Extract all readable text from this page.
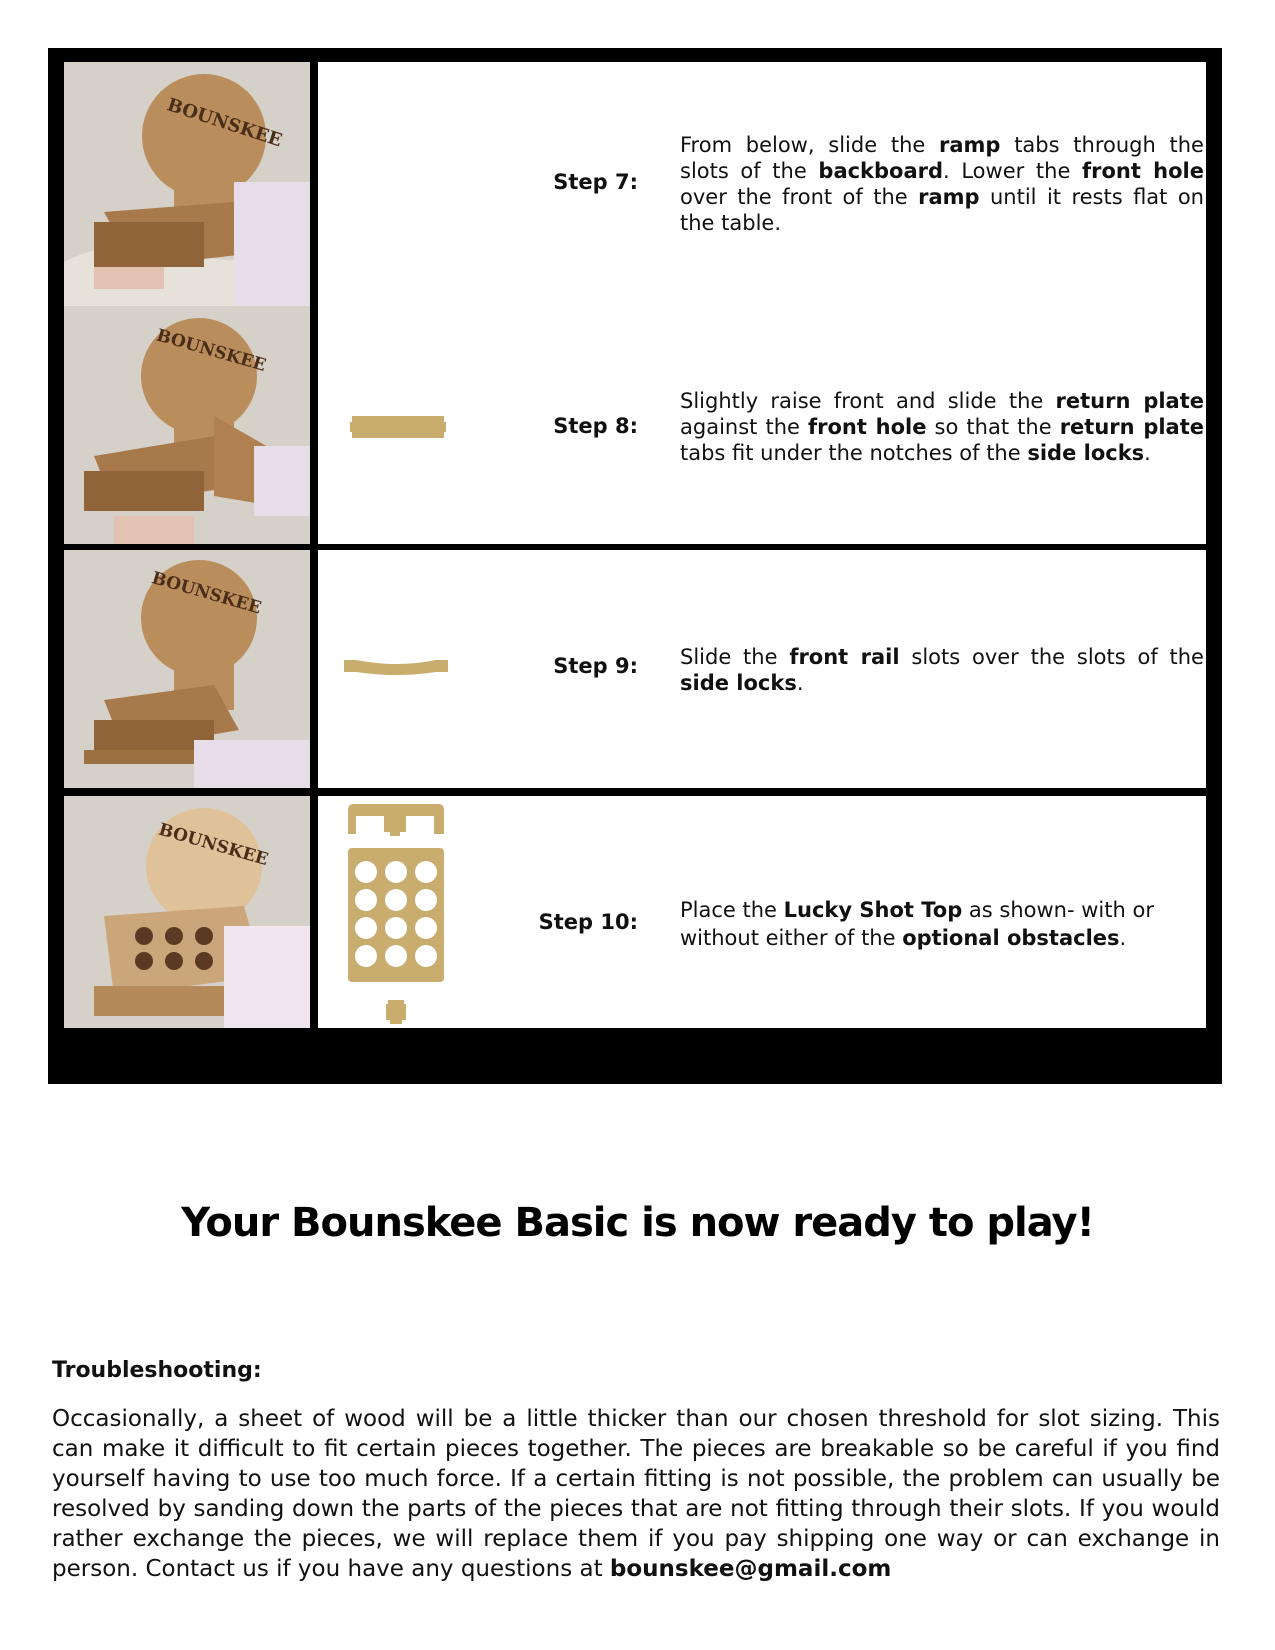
BOUNSKEE
Step 7:
From below, slide the ramp tabs through the slots of the backboard. Lower the front hole over the front of the ramp until it rests flat on the table.
BOUNSKEE
Step 8:
Slightly raise front and slide the return plate against the front hole so that the return plate tabs fit under the notches of the side locks.
BOUNSKEE
Step 9: Slide the front rail slots over the slots of the side locks.
BOUNSKEE
Step 10: Place the Lucky Shot Top as shown- with or without either of the optional obstacles.
Your Bounskee Basic is now ready to play!
Troubleshooting:
Occasionally, a sheet of wood will be a little thicker than our chosen threshold for slot sizing. This can make it difficult to fit certain pieces together. The pieces are breakable so be careful if you find yourself having to use too much force. If a certain fitting is not possible, the problem can usually be resolved by sanding down the parts of the pieces that are not fitting through their slots. If you would rather exchange the pieces, we will replace them if you pay shipping one way or can exchange in person. Contact us if you have any questions at bounskee@gmail.com
